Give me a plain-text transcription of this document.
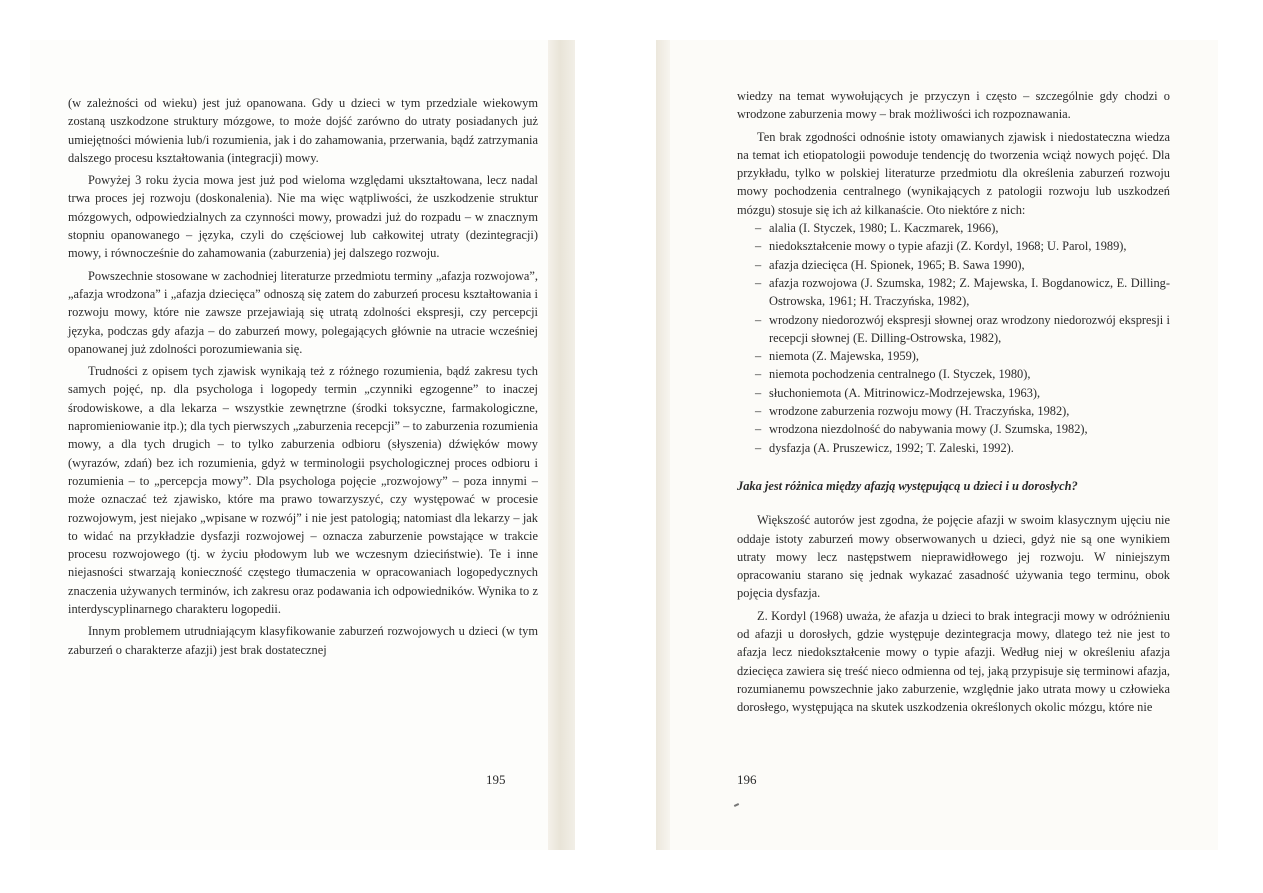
(w zależności od wieku) jest już opanowana. Gdy u dzieci w tym przedziale wiekowym zostaną uszkodzone struktury mózgowe, to może dojść zarówno do utraty posiadanych już umiejętności mówienia lub/i rozumienia, jak i do zahamowania, przerwania, bądź zatrzymania dalszego procesu kształtowania (integracji) mowy.

Powyżej 3 roku życia mowa jest już pod wieloma względami ukształtowana, lecz nadal trwa proces jej rozwoju (doskonalenia). Nie ma więc wątpliwości, że uszkodzenie struktur mózgowych, odpowiedzialnych za czynności mowy, prowadzi już do rozpadu – w znacznym stopniu opanowanego – języka, czyli do częściowej lub całkowitej utraty (dezintegracji) mowy, i równocześnie do zahamowania (zaburzenia) jej dalszego rozwoju.

Powszechnie stosowane w zachodniej literaturze przedmiotu terminy „afazja rozwojowa”, „afazja wrodzona” i „afazja dziecięca” odnoszą się zatem do zaburzeń procesu kształtowania i rozwoju mowy, które nie zawsze przejawiają się utratą zdolności ekspresji, czy percepcji języka, podczas gdy afazja – do zaburzeń mowy, polegających głównie na utracie wcześniej opanowanej już zdolności porozumiewania się.

Trudności z opisem tych zjawisk wynikają też z różnego rozumienia, bądź zakresu tych samych pojęć, np. dla psychologa i logopedy termin „czynniki egzogenne” to inaczej środowiskowe, a dla lekarza – wszystkie zewnętrzne (środki toksyczne, farmakologiczne, napromieniowanie itp.); dla tych pierwszych „zaburzenia recepcji” – to zaburzenia rozumienia mowy, a dla tych drugich – to tylko zaburzenia odbioru (słyszenia) dźwięków mowy (wyrazów, zdań) bez ich rozumienia, gdyż w terminologii psychologicznej proces odbioru i rozumienia – to „percepcja mowy”. Dla psychologa pojęcie „rozwojowy” – poza innymi – może oznaczać też zjawisko, które ma prawo towarzyszyć, czy występować w procesie rozwojowym, jest niejako „wpisane w rozwój” i nie jest patologią; natomiast dla lekarzy – jak to widać na przykładzie dysfazji rozwojowej – oznacza zaburzenie powstające w trakcie procesu rozwojowego (tj. w życiu płodowym lub we wczesnym dzieciństwie). Te i inne niejasności stwarzają konieczność częstego tłumaczenia w opracowaniach logopedycznych znaczenia używanych terminów, ich zakresu oraz podawania ich odpowiedników. Wynika to z interdyscyplinarnego charakteru logopedii.

Innym problemem utrudniającym klasyfikowanie zaburzeń rozwojowych u dzieci (w tym zaburzeń o charakterze afazji) jest brak dostatecznej

195

wiedzy na temat wywołujących je przyczyn i często – szczególnie gdy chodzi o wrodzone zaburzenia mowy – brak możliwości ich rozpoznawania.

Ten brak zgodności odnośnie istoty omawianych zjawisk i niedostateczna wiedza na temat ich etiopatologii powoduje tendencję do tworzenia wciąż nowych pojęć. Dla przykładu, tylko w polskiej literaturze przedmiotu dla określenia zaburzeń rozwoju mowy pochodzenia centralnego (wynikających z patologii rozwoju lub uszkodzeń mózgu) stosuje się ich aż kilkanaście. Oto niektóre z nich:

– alalia (I. Styczek, 1980; L. Kaczmarek, 1966),
– niedokształcenie mowy o typie afazji (Z. Kordyl, 1968; U. Parol, 1989),
– afazja dziecięca (H. Spionek, 1965; B. Sawa 1990),
– afazja rozwojowa (J. Szumska, 1982; Z. Majewska, I. Bogdanowicz, E. Dilling-Ostrowska, 1961; H. Traczyńska, 1982),
– wrodzony niedorozwój ekspresji słownej oraz wrodzony niedorozwój ekspresji i recepcji słownej (E. Dilling-Ostrowska, 1982),
– niemota (Z. Majewska, 1959),
– niemota pochodzenia centralnego (I. Styczek, 1980),
– słuchoniemota (A. Mitrinowicz-Modrzejewska, 1963),
– wrodzone zaburzenia rozwoju mowy (H. Traczyńska, 1982),
– wrodzona niezdolność do nabywania mowy (J. Szumska, 1982),
– dysfazja (A. Pruszewicz, 1992; T. Zaleski, 1992).
Jaka jest różnica między afazją występującą u dzieci i u dorosłych?

Większość autorów jest zgodna, że pojęcie afazji w swoim klasycznym ujęciu nie oddaje istoty zaburzeń mowy obserwowanych u dzieci, gdyż nie są one wynikiem utraty mowy lecz następstwem nieprawidłowego jej rozwoju. W niniejszym opracowaniu starano się jednak wykazać zasadność używania tego terminu, obok pojęcia dysfazja.

Z. Kordyl (1968) uważa, że afazja u dzieci to brak integracji mowy w odróżnieniu od afazji u dorosłych, gdzie występuje dezintegracja mowy, dlatego też nie jest to afazja lecz niedokształcenie mowy o typie afazji. Według niej w określeniu afazja dziecięca zawiera się treść nieco odmienna od tej, jaką przypisuje się terminowi afazja, rozumianemu powszechnie jako zaburzenie, względnie jako utrata mowy u człowieka dorosłego, występująca na skutek uszkodzenia określonych okolic mózgu, które nie

196
